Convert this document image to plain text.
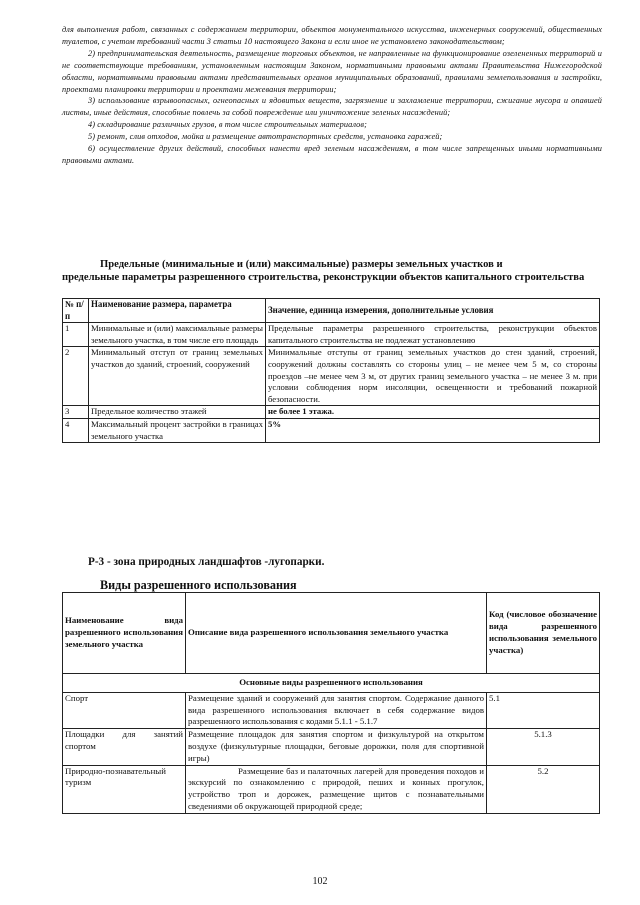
для выполнения работ, связанных с содержанием территории, объектов монументального искусства, инженерных сооружений, общественных туалетов, с учетом требований части 3 статьи 10 настоящего Закона и если иное не установлено законодательством;

2) предпринимательская деятельность, размещение торговых объектов, не направленные на функционирование озелененных территорий и не соответствующие требованиям, установленным настоящим Законом, нормативными правовыми актами Правительства Нижегородской области, нормативными правовыми актами представительных органов муниципальных образований, правилами землепользования и застройки, проектами планировки территории и проектами межевания территории;

3) использование взрывоопасных, огнеопасных и ядовитых веществ, загрязнение и захламление территории, сжигание мусора и опавшей листвы, иные действия, способные повлечь за собой повреждение или уничтожение зеленых насаждений;

4) складирование различных грузов, в том числе строительных материалов;

5) ремонт, слив отходов, мойка и размещение автотранспортных средств, установка гаражей;

6) осуществление других действий, способных нанести вред зеленым насаждениям, в том числе запрещенных иными нормативными правовыми актами.

Предельные (минимальные и (или) максимальные) размеры земельных участков и
предельные параметры разрешенного строительства, реконструкции объектов капитального строительства
№ п/п	Наименование размера, параметра	Значение, единица измерения, дополнительные условия
1	Минимальные и (или) максимальные размеры земельного участка, в том числе его площадь	Предельные параметры разрешенного строительства, реконструкции объектов капитального строительства не подлежат установлению
2	Минимальный отступ от границ земельных участков до зданий, строений, сооружений	Минимальные отступы от границ земельных участков до стен зданий, строений, сооружений должны составлять со стороны улиц – не менее чем 5 м, со стороны проездов –не менее чем 3 м, от других границ земельного участка – не менее 3 м. при условии соблюдения норм инсоляции, освещенности и требований пожарной безопасности.
3	Предельное количество этажей	не более 1 этажа.
4	Максимальный процент застройки в границах земельного участка	5%
Р-3 - зона природных ландшафтов -лугопарки.
Виды разрешенного использования
Наименование вида разрешенного использования земельного участка	Описание вида разрешенного использования земельного участка	Код (числовое обозначение вида разрешенного использования земельного участка)
Основные виды разрешенного использования		
Спорт	Размещение зданий и сооружений для занятия спортом. Содержание данного вида разрешенного использования включает в себя содержание видов разрешенного использования с кодами 5.1.1 - 5.1.7	5.1
Площадки для занятий спортом	Размещение площадок для занятия спортом и физкультурой на открытом воздухе (физкультурные площадки, беговые дорожки, поля для спортивной игры)	5.1.3
Природно-познавательный туризм	Размещение баз и палаточных лагерей для проведения походов и экскурсий по ознакомлению с природой, пеших и конных прогулок, устройство троп и дорожек, размещение щитов с познавательными сведениями об окружающей природной среде;	5.2
102
